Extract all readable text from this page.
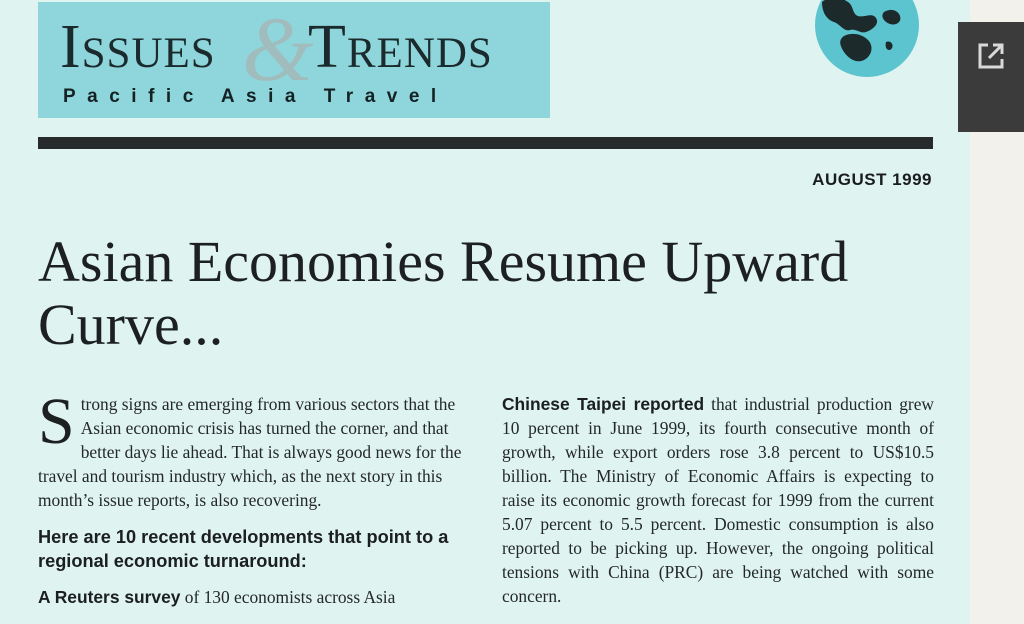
&
Issues Trends
Pacific Asia Travel
AUGUST 1999
Asian Economies Resume Upward Curve...

Strong signs are emerging from various sectors that the Asian economic crisis has turned the corner, and that better days lie ahead. That is always good news for the travel and tourism industry which, as the next story in this month’s issue reports, is also recovering.

Here are 10 recent developments that point to a regional economic turnaround:

A Reuters survey of 130 economists across Asia

Chinese Taipei reported that industrial production grew 10 percent in June 1999, its fourth consecutive month of growth, while export orders rose 3.8 percent to US$10.5 billion. The Ministry of Economic Affairs is expecting to raise its economic growth forecast for 1999 from the current 5.07 percent to 5.5 percent. Domestic consumption is also reported to be picking up. However, the ongoing political tensions with China (PRC) are being watched with some concern.
